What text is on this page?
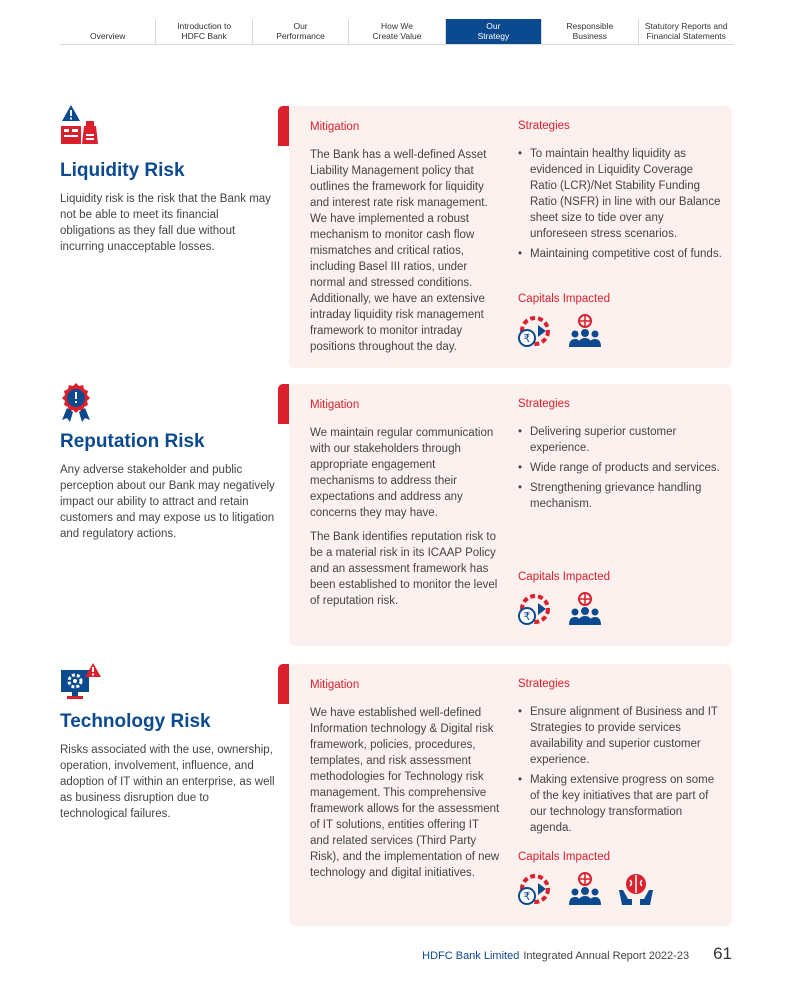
Overview
Introduction to
HDFC Bank
Our
Performance
How We
Create Value
Our
Strategy
Responsible
Business
Statutory Reports and
Financial Statements
Liquidity Risk
Liquidity risk is the risk that the Bank may not be able to meet its financial obligations as they fall due without incurring unacceptable losses.
Mitigation
The Bank has a well-defined Asset Liability Management policy that outlines the framework for liquidity and interest rate risk management. We have implemented a robust mechanism to monitor cash flow mismatches and critical ratios, including Basel III ratios, under normal and stressed conditions. Additionally, we have an extensive intraday liquidity risk management framework to monitor intraday positions throughout the day.
Strategies
• To maintain healthy liquidity as evidenced in Liquidity Coverage Ratio (LCR)/Net Stability Funding Ratio (NSFR) in line with our Balance sheet size to tide over any unforeseen stress scenarios.
• Maintaining competitive cost of funds.
Capitals Impacted
₹
Reputation Risk
Any adverse stakeholder and public perception about our Bank may negatively impact our ability to attract and retain customers and may expose us to litigation and regulatory actions.
Mitigation
We maintain regular communication with our stakeholders through appropriate engagement mechanisms to address their expectations and address any concerns they may have.
The Bank identifies reputation risk to be a material risk in its ICAAP Policy and an assessment framework has been established to monitor the level of reputation risk.
Strategies
• Delivering superior customer experience.
• Wide range of products and services.
• Strengthening grievance handling mechanism.
Capitals Impacted
₹
Technology Risk
Risks associated with the use, ownership, operation, involvement, influence, and adoption of IT within an enterprise, as well as business disruption due to technological failures.
Mitigation
We have established well-defined Information technology & Digital risk framework, policies, procedures, templates, and risk assessment methodologies for Technology risk management. This comprehensive framework allows for the assessment of IT solutions, entities offering IT and related services (Third Party Risk), and the implementation of new technology and digital initiatives.
Strategies
• Ensure alignment of Business and IT Strategies to provide services availability and superior customer experience.
• Making extensive progress on some of the key initiatives that are part of our technology transformation agenda.
Capitals Impacted
₹
HDFC Bank Limited Integrated Annual Report 2022-23 61
